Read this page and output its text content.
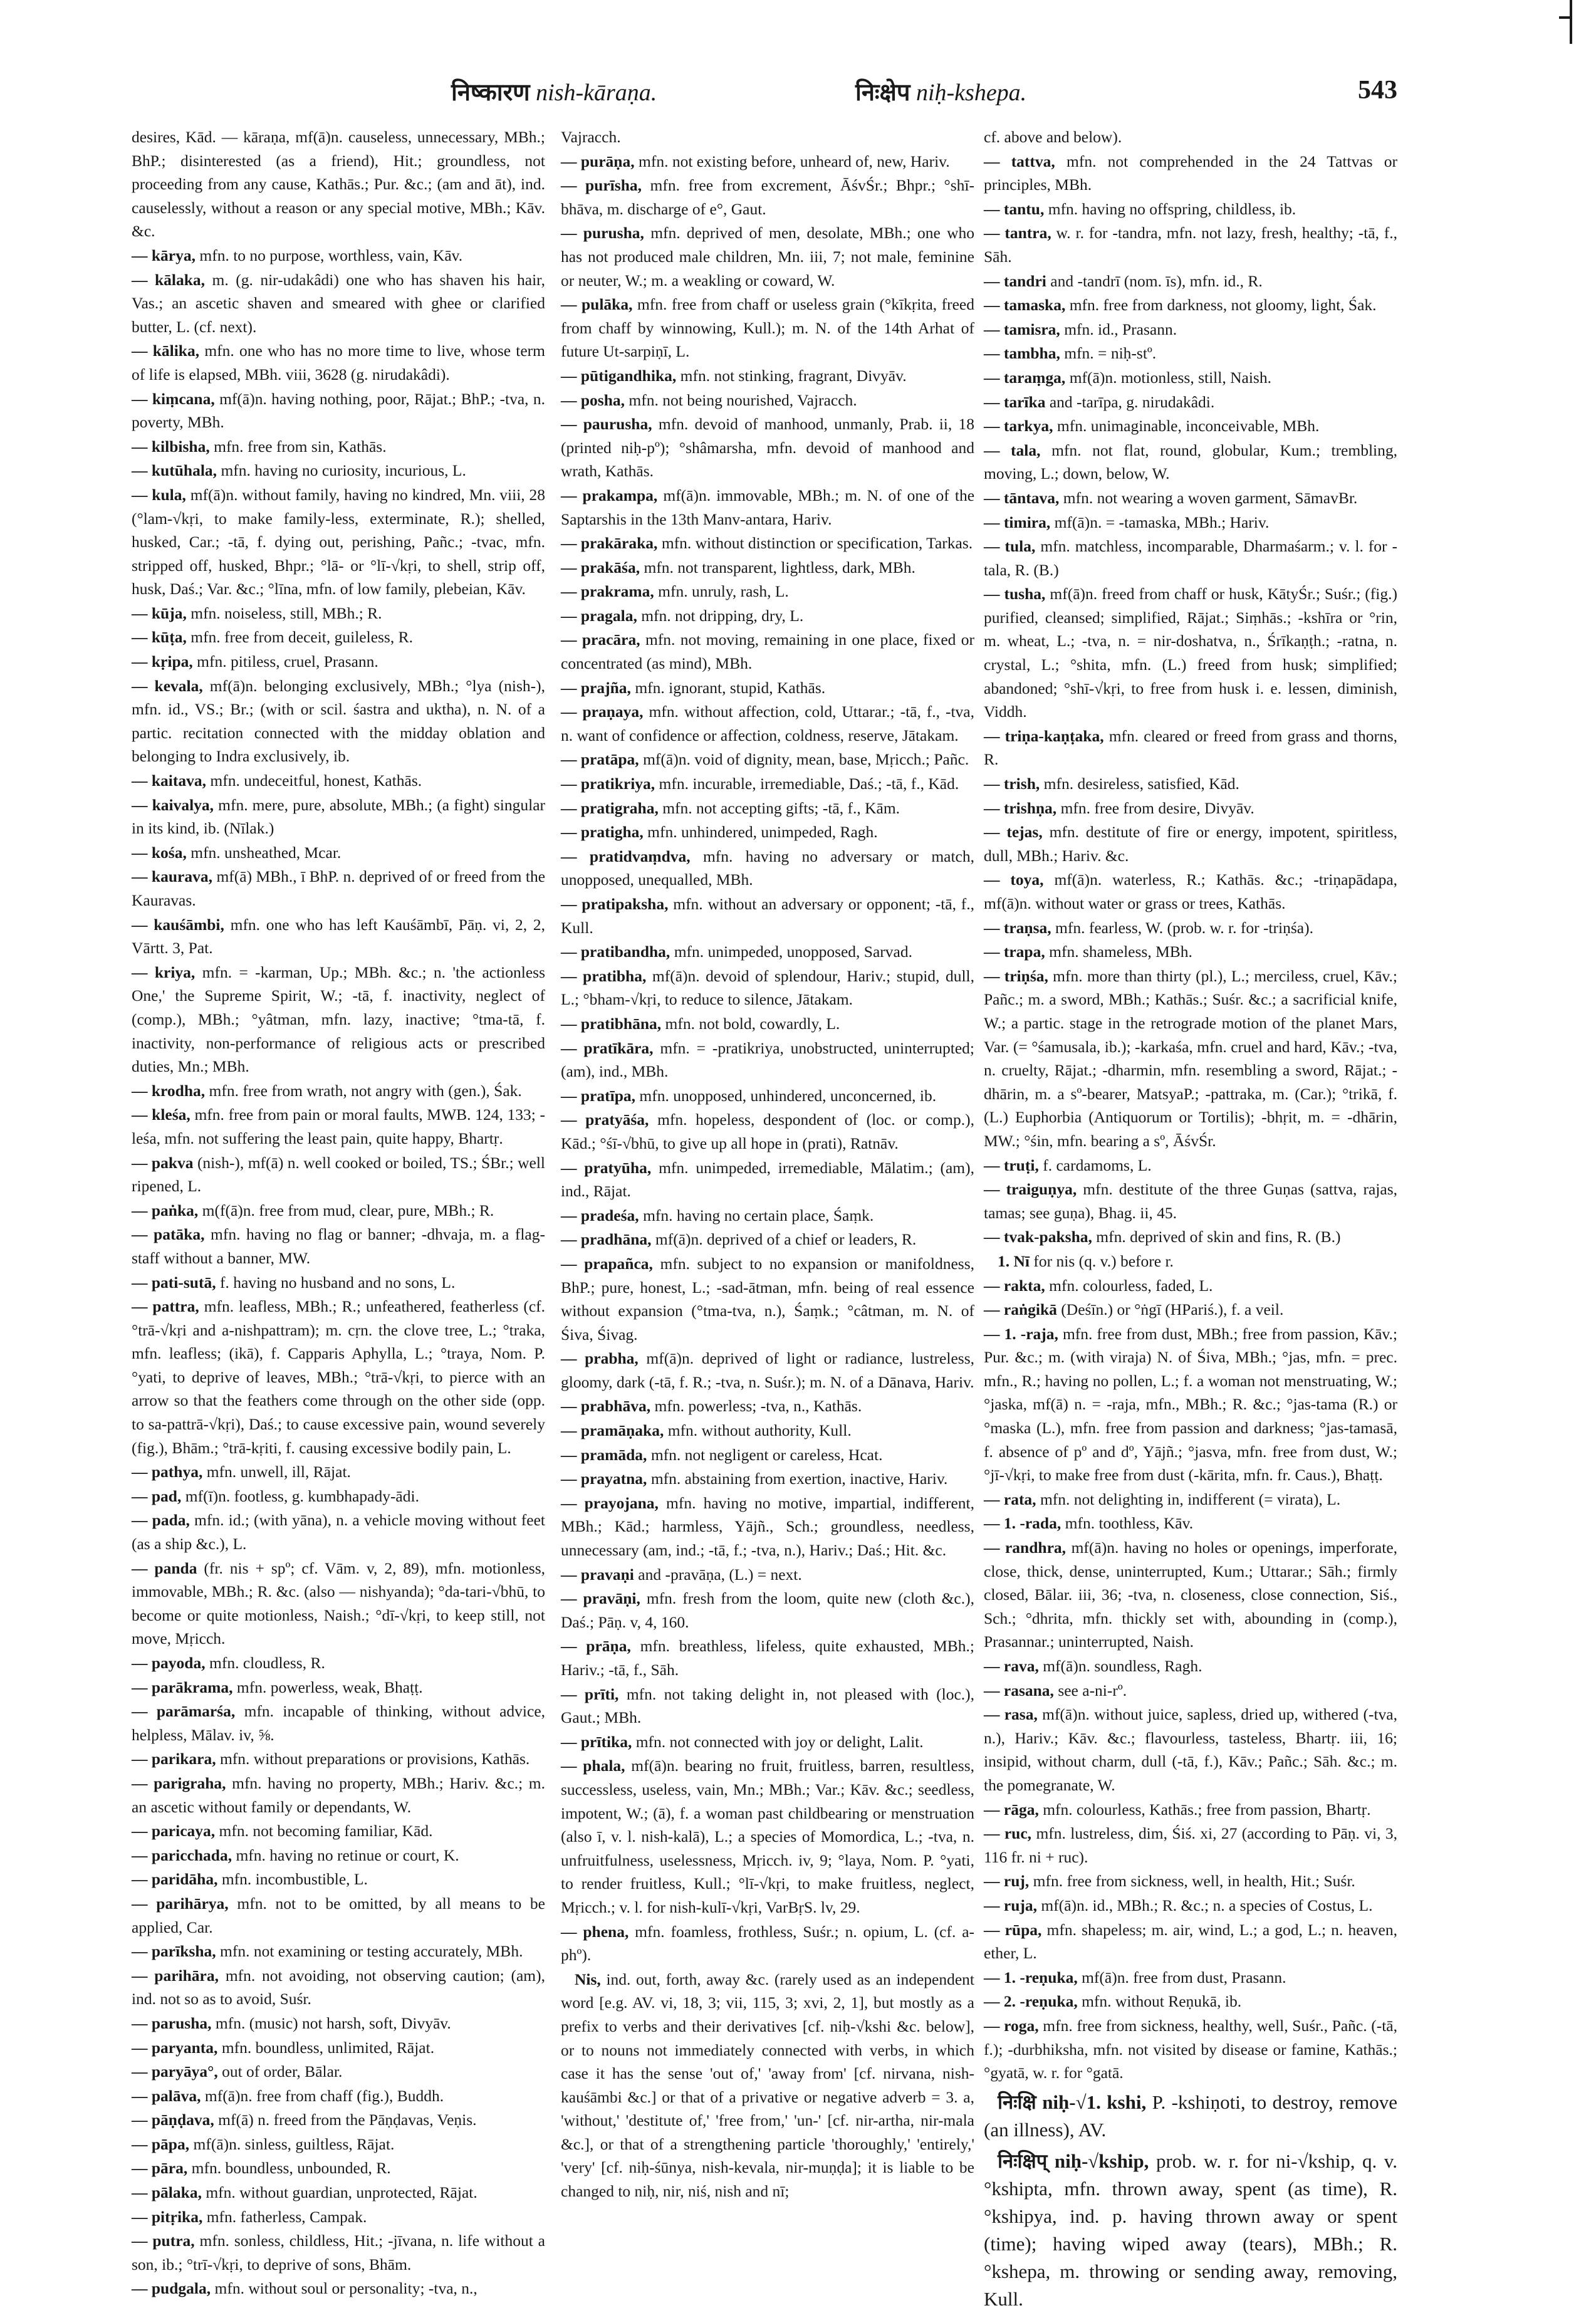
निष्कारण nish-kāraṇa.	निःक्षेप niḥ-kshepa.	543
desires, Kād. — kāraṇa, mf(ā)n. causeless, unnecessary, MBh.; BhP.; disinterested (as a friend), Hit.; groundless, not proceeding from any cause, Kathās.; Pur. &c.; (am and āt), ind. causelessly, without a reason or any special motive, MBh.; Kāv. &c.
— kārya, mfn. to no purpose, worthless, vain, Kāv.
— kālaka, m. (g. nir-udakâdi) one who has shaven his hair, Vas.; an ascetic shaven and smeared with ghee or clarified butter, L. (cf. next).
— kālika, mfn. one who has no more time to live, whose term of life is elapsed, MBh. viii, 3628 (g. nirudakâdi).
— kiṃcana, mf(ā)n. having nothing, poor, Rājat.; BhP.; -tva, n. poverty, MBh.
— kilbisha, mfn. free from sin, Kathās.
— kutūhala, mfn. having no curiosity, incurious, L.
— kula, mf(ā)n. without family, having no kindred, Mn. viii, 28 (°lam-√kṛi, to make family-less, exterminate, R.); shelled, husked, Car.; -tā, f. dying out, perishing, Pañc.; -tvac, mfn. stripped off, husked, Bhpr.; °lā- or °lī-√kṛi, to shell, strip off, husk, Daś.; Var. &c.; °līna, mfn. of low family, plebeian, Kāv.
— kūja, mfn. noiseless, still, MBh.; R.
— kūṭa, mfn. free from deceit, guileless, R.
— kṛipa, mfn. pitiless, cruel, Prasann.
— kevala, mf(ā)n. belonging exclusively, MBh.; °lya (nish-), mfn. id., VS.; Br.; (with or scil. śastra and uktha), n. N. of a partic. recitation connected with the midday oblation and belonging to Indra exclusively, ib.
— kaitava, mfn. undeceitful, honest, Kathās.
— kaivalya, mfn. mere, pure, absolute, MBh.; (a fight) singular in its kind, ib. (Nīlak.)
— kośa, mfn. unsheathed, Mcar.
— kaurava, mf(ā) MBh., ī BhP. n. deprived of or freed from the Kauravas.
— kauśāmbi, mfn. one who has left Kauśāmbī, Pāṇ. vi, 2, 2, Vārtt. 3, Pat.
— kriya, mfn. = -karman, Up.; MBh. &c.; n. 'the actionless One,' the Supreme Spirit, W.; -tā, f. inactivity, neglect of (comp.), MBh.; °yâtman, mfn. lazy, inactive; °tma-tā, f. inactivity, non-performance of religious acts or prescribed duties, Mn.; MBh.
— krodha, mfn. free from wrath, not angry with (gen.), Śak.
— kleśa, mfn. free from pain or moral faults, MWB. 124, 133; -leśa, mfn. not suffering the least pain, quite happy, Bhartṛ.
— pakva (nish-), mf(ā) n. well cooked or boiled, TS.; ŚBr.; well ripened, L.
— paṅka, m(f(ā)n. free from mud, clear, pure, MBh.; R.
— patāka, mfn. having no flag or banner; -dhvaja, m. a flag-staff without a banner, MW.
— pati-sutā, f. having no husband and no sons, L.
— pattra, mfn. leafless, MBh.; R.; unfeathered, featherless (cf. °trā-√kṛi and a-nishpattram); m. cṛn. the clove tree, L.; °traka, mfn. leafless; (ikā), f. Capparis Aphylla, L.; °traya, Nom. P. °yati, to deprive of leaves, MBh.; °trā-√kṛi, to pierce with an arrow so that the feathers come through on the other side (opp. to sa-pattrā-√kṛi), Daś.; to cause excessive pain, wound severely (fig.), Bhām.; °trā-kṛiti, f. causing excessive bodily pain, L.
— pathya, mfn. unwell, ill, Rājat.
— pad, mf(ī)n. footless, g. kumbhapady-ādi.
— pada, mfn. id.; (with yāna), n. a vehicle moving without feet (as a ship &c.), L.
— panda (fr. nis + spº; cf. Vām. v, 2, 89), mfn. motionless, immovable, MBh.; R. &c. (also — nishyanda); °da-tari-√bhū, to become or quite motionless, Naish.; °dī-√kṛi, to keep still, not move, Mṛicch.
— payoda, mfn. cloudless, R.
— parākrama, mfn. powerless, weak, Bhaṭṭ.
— parāmarśa, mfn. incapable of thinking, without advice, helpless, Mālav. iv, ⅝.
— parikara, mfn. without preparations or provisions, Kathās.
— parigraha, mfn. having no property, MBh.; Hariv. &c.; m. an ascetic without family or dependants, W.
— paricaya, mfn. not becoming familiar, Kād.
— paricchada, mfn. having no retinue or court, K.
— paridāha, mfn. incombustible, L.
— parihārya, mfn. not to be omitted, by all means to be applied, Car.
— parīksha, mfn. not examining or testing accurately, MBh.
— parihāra, mfn. not avoiding, not observing caution; (am), ind. not so as to avoid, Suśr.
— parusha, mfn. (music) not harsh, soft, Divyāv.
— paryanta, mfn. boundless, unlimited, Rājat.
— paryāya°, out of order, Bālar.
— palāva, mf(ā)n. free from chaff (fig.), Buddh.
— pāṇḍava, mf(ā) n. freed from the Pāṇḍavas, Veṇis.
— pāpa, mf(ā)n. sinless, guiltless, Rājat.
— pāra, mfn. boundless, unbounded, R.
— pālaka, mfn. without guardian, unprotected, Rājat.
— pitṛika, mfn. fatherless, Campak.
— putra, mfn. sonless, childless, Hit.; -jīvana, n. life without a son, ib.; °trī-√kṛi, to deprive of sons, Bhām.
— pudgala, mfn. without soul or personality; -tva, n.,
Vajracch.
— purāṇa, mfn. not existing before, unheard of, new, Hariv.
— purīsha, mfn. free from excrement, ĀśvŚr.; Bhpr.; °shī-bhāva, m. discharge of e°, Gaut.
— purusha, mfn. deprived of men, desolate, MBh.; one who has not produced male children, Mn. iii, 7; not male, feminine or neuter, W.; m. a weakling or coward, W.
— pulāka, mfn. free from chaff or useless grain (°kīkṛita, freed from chaff by winnowing, Kull.); m. N. of the 14th Arhat of future Ut-sarpiṇī, L.
— pūtigandhika, mfn. not stinking, fragrant, Divyāv.
— posha, mfn. not being nourished, Vajracch.
— paurusha, mfn. devoid of manhood, unmanly, Prab. ii, 18 (printed niḥ-pº); °shâmarsha, mfn. devoid of manhood and wrath, Kathās.
— prakampa, mf(ā)n. immovable, MBh.; m. N. of one of the Saptarshis in the 13th Manv-antara, Hariv.
— prakāraka, mfn. without distinction or specification, Tarkas.
— prakāśa, mfn. not transparent, lightless, dark, MBh.
— prakrama, mfn. unruly, rash, L.
— pragala, mfn. not dripping, dry, L.
— pracāra, mfn. not moving, remaining in one place, fixed or concentrated (as mind), MBh.
— prajña, mfn. ignorant, stupid, Kathās.
— praṇaya, mfn. without affection, cold, Uttarar.; -tā, f., -tva, n. want of confidence or affection, coldness, reserve, Jātakam.
— pratāpa, mf(ā)n. void of dignity, mean, base, Mṛicch.; Pañc.
— pratikriya, mfn. incurable, irremediable, Daś.; -tā, f., Kād.
— pratigraha, mfn. not accepting gifts; -tā, f., Kām.
— pratigha, mfn. unhindered, unimpeded, Ragh.
— pratidvaṃdva, mfn. having no adversary or match, unopposed, unequalled, MBh.
— pratipaksha, mfn. without an adversary or opponent; -tā, f., Kull.
— pratibandha, mfn. unimpeded, unopposed, Sarvad.
— pratibha, mf(ā)n. devoid of splendour, Hariv.; stupid, dull, L.; °bham-√kṛi, to reduce to silence, Jātakam.
— pratibhāna, mfn. not bold, cowardly, L.
— pratīkāra, mfn. = -pratikriya, unobstructed, uninterrupted; (am), ind., MBh.
— pratīpa, mfn. unopposed, unhindered, unconcerned, ib.
— pratyāśa, mfn. hopeless, despondent of (loc. or comp.), Kād.; °śī-√bhū, to give up all hope in (prati), Ratnāv.
— pratyūha, mfn. unimpeded, irremediable, Mālatim.; (am), ind., Rājat.
— pradeśa, mfn. having no certain place, Śaṃk.
— pradhāna, mf(ā)n. deprived of a chief or leaders, R.
— prapañca, mfn. subject to no expansion or manifoldness, BhP.; pure, honest, L.; -sad-ātman, mfn. being of real essence without expansion (°tma-tva, n.), Śaṃk.; °câtman, m. N. of Śiva, Śivag.
— prabha, mf(ā)n. deprived of light or radiance, lustreless, gloomy, dark (-tā, f. R.; -tva, n. Suśr.); m. N. of a Dānava, Hariv.
— prabhāva, mfn. powerless; -tva, n., Kathās.
— pramāṇaka, mfn. without authority, Kull.
— pramāda, mfn. not negligent or careless, Hcat.
— prayatna, mfn. abstaining from exertion, inactive, Hariv.
— prayojana, mfn. having no motive, impartial, indifferent, MBh.; Kād.; harmless, Yājñ., Sch.; groundless, needless, unnecessary (am, ind.; -tā, f.; -tva, n.), Hariv.; Daś.; Hit. &c.
— pravaṇi and -pravāṇa, (L.) = next.
— pravāṇi, mfn. fresh from the loom, quite new (cloth &c.), Daś.; Pāṇ. v, 4, 160.
— prāṇa, mfn. breathless, lifeless, quite exhausted, MBh.; Hariv.; -tā, f., Sāh.
— prīti, mfn. not taking delight in, not pleased with (loc.), Gaut.; MBh.
— prītika, mfn. not connected with joy or delight, Lalit.
— phala, mf(ā)n. bearing no fruit, fruitless, barren, resultless, successless, useless, vain, Mn.; MBh.; Var.; Kāv. &c.; seedless, impotent, W.; (ā), f. a woman past childbearing or menstruation (also ī, v. l. nish-kalā), L.; a species of Momordica, L.; -tva, n. unfruitfulness, uselessness, Mṛicch. iv, 9; °laya, Nom. P. °yati, to render fruitless, Kull.; °lī-√kṛi, to make fruitless, neglect, Mṛicch.; v. l. for nish-kulī-√kṛi, VarBṛS. lv, 29.
— phena, mfn. foamless, frothless, Suśr.; n. opium, L. (cf. a-phº).
Nis, ind. out, forth, away &c. (rarely used as an independent word [e.g. AV. vi, 18, 3; vii, 115, 3; xvi, 2, 1], but mostly as a prefix to verbs and their derivatives [cf. niḥ-√kshi &c. below], or to nouns not immediately connected with verbs, in which case it has the sense 'out of,' 'away from' [cf. nirvana, nish-kauśāmbi &c.] or that of a privative or negative adverb = 3. a, 'without,' 'destitute of,' 'free from,' 'un-' [cf. nir-artha, nir-mala &c.], or that of a strengthening particle 'thoroughly,' 'entirely,' 'very' [cf. niḥ-śūnya, nish-kevala, nir-muṇḍa]; it is liable to be changed to niḥ, nir, niś, nish and nī;
cf. above and below).
— tattva, mfn. not comprehended in the 24 Tattvas or principles, MBh.
— tantu, mfn. having no offspring, childless, ib.
— tantra, w. r. for -tandra, mfn. not lazy, fresh, healthy; -tā, f., Sāh.
— tandri and -tandrī (nom. īs), mfn. id., R.
— tamaska, mfn. free from darkness, not gloomy, light, Śak.
— tamisra, mfn. id., Prasann.
— tambha, mfn. = niḥ-stº.
— taraṃga, mf(ā)n. motionless, still, Naish.
— tarīka and -tarīpa, g. nirudakâdi.
— tarkya, mfn. unimaginable, inconceivable, MBh.
— tala, mfn. not flat, round, globular, Kum.; trembling, moving, L.; down, below, W.
— tāntava, mfn. not wearing a woven garment, SāmavBr.
— timira, mf(ā)n. = -tamaska, MBh.; Hariv.
— tula, mfn. matchless, incomparable, Dharmaśarm.; v. l. for -tala, R. (B.)
— tusha, mf(ā)n. freed from chaff or husk, KātyŚr.; Suśr.; (fig.) purified, cleansed; simplified, Rājat.; Siṃhās.; -kshīra or °rin, m. wheat, L.; -tva, n. = nir-doshatva, n., Śrīkaṇṭh.; -ratna, n. crystal, L.; °shita, mfn. (L.) freed from husk; simplified; abandoned; °shī-√kṛi, to free from husk i. e. lessen, diminish, Viddh.
— triṇa-kaṇṭaka, mfn. cleared or freed from grass and thorns, R.
— trish, mfn. desireless, satisfied, Kād.
— trishṇa, mfn. free from desire, Divyāv.
— tejas, mfn. destitute of fire or energy, impotent, spiritless, dull, MBh.; Hariv. &c.
— toya, mf(ā)n. waterless, R.; Kathās. &c.; -triṇapādapa, mf(ā)n. without water or grass or trees, Kathās.
— traṇsa, mfn. fearless, W. (prob. w. r. for -triṇśa).
— trapa, mfn. shameless, MBh.
— triṇśa, mfn. more than thirty (pl.), L.; merciless, cruel, Kāv.; Pañc.; m. a sword, MBh.; Kathās.; Suśr. &c.; a sacrificial knife, W.; a partic. stage in the retrograde motion of the planet Mars, Var. (= °śamusala, ib.); -karkaśa, mfn. cruel and hard, Kāv.; -tva, n. cruelty, Rājat.; -dharmin, mfn. resembling a sword, Rājat.; -dhārin, m. a sº-bearer, MatsyaP.; -pattraka, m. (Car.); °trikā, f. (L.) Euphorbia (Antiquorum or Tortilis); -bhṛit, m. = -dhārin, MW.; °śin, mfn. bearing a sº, ĀśvŚr.
— truṭi, f. cardamoms, L.
— traiguṇya, mfn. destitute of the three Guṇas (sattva, rajas, tamas; see guṇa), Bhag. ii, 45.
— tvak-paksha, mfn. deprived of skin and fins, R. (B.)
1. Nī for nis (q. v.) before r.
— rakta, mfn. colourless, faded, L.
— raṅgikā (Deśīn.) or °ṅgī (HPariś.), f. a veil.
— 1. -raja, mfn. free from dust, MBh.; free from passion, Kāv.; Pur. &c.; m. (with viraja) N. of Śiva, MBh.; °jas, mfn. = prec. mfn., R.; having no pollen, L.; f. a woman not menstruating, W.; °jaska, mf(ā) n. = -raja, mfn., MBh.; R. &c.; °jas-tama (R.) or °maska (L.), mfn. free from passion and darkness; °jas-tamasā, f. absence of pº and dº, Yājñ.; °jasva, mfn. free from dust, W.; °jī-√kṛi, to make free from dust (-kārita, mfn. fr. Caus.), Bhaṭṭ.
— rata, mfn. not delighting in, indifferent (= virata), L.
— 1. -rada, mfn. toothless, Kāv.
— randhra, mf(ā)n. having no holes or openings, imperforate, close, thick, dense, uninterrupted, Kum.; Uttarar.; Sāh.; firmly closed, Bālar. iii, 36; -tva, n. closeness, close connection, Siś., Sch.; °dhrita, mfn. thickly set with, abounding in (comp.), Prasannar.; uninterrupted, Naish.
— rava, mf(ā)n. soundless, Ragh.
— rasana, see a-ni-rº.
— rasa, mf(ā)n. without juice, sapless, dried up, withered (-tva, n.), Hariv.; Kāv. &c.; flavourless, tasteless, Bhartṛ. iii, 16; insipid, without charm, dull (-tā, f.), Kāv.; Pañc.; Sāh. &c.; m. the pomegranate, W.
— rāga, mfn. colourless, Kathās.; free from passion, Bhartṛ.
— ruc, mfn. lustreless, dim, Śiś. xi, 27 (according to Pāṇ. vi, 3, 116 fr. ni + ruc).
— ruj, mfn. free from sickness, well, in health, Hit.; Suśr.
— ruja, mf(ā)n. id., MBh.; R. &c.; n. a species of Costus, L.
— rūpa, mfn. shapeless; m. air, wind, L.; a god, L.; n. heaven, ether, L.
— 1. -reṇuka, mf(ā)n. free from dust, Prasann.
— 2. -reṇuka, mfn. without Reṇukā, ib.
— roga, mfn. free from sickness, healthy, well, Suśr., Pañc. (-tā, f.); -durbhiksha, mfn. not visited by disease or famine, Kathās.; °gyatā, w. r. for °gatā.
निःक्षि niḥ-√1. kshi, P. -kshiṇoti, to destroy, remove (an illness), AV.
निःक्षिप् niḥ-√kship, prob. w. r. for ni-√kship, q. v. °kshipta, mfn. thrown away, spent (as time), R. °kshipya, ind. p. having thrown away or spent (time); having wiped away (tears), MBh.; R. °kshepa, m. throwing or sending away, removing, Kull.
